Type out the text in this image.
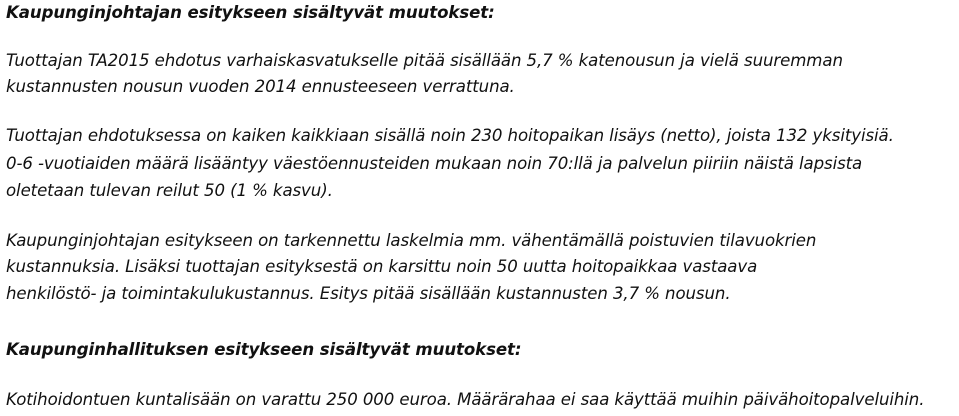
Kaupunginjohtajan esitykseen sisältyvät muutokset:
Tuottajan TA2015 ehdotus varhaiskasvatukselle pitää sisällään 5,7 % katenousun ja vielä suuremman
kustannusten nousun vuoden 2014 ennusteeseen verrattuna.
Tuottajan ehdotuksessa on kaiken kaikkiaan sisällä noin 230 hoitopaikan lisäys (netto), joista 132 yksityisiä.
0-6 -vuotiaiden määrä lisääntyy väestöennusteiden mukaan noin 70:llä ja palvelun piiriin näistä lapsista
oletetaan tulevan reilut 50 (1 % kasvu).
Kaupunginjohtajan esitykseen on tarkennettu laskelmia mm. vähentämällä poistuvien tilavuokrien
kustannuksia. Lisäksi tuottajan esityksestä on karsittu noin 50 uutta hoitopaikkaa vastaava
henkilöstö- ja toimintakulukustannus. Esitys pitää sisällään kustannusten 3,7 % nousun.
Kaupunginhallituksen esitykseen sisältyvät muutokset:
Kotihoidontuen kuntalisään on varattu 250 000 euroa. Määrärahaa ei saa käyttää muihin päivähoitopalveluihin.
